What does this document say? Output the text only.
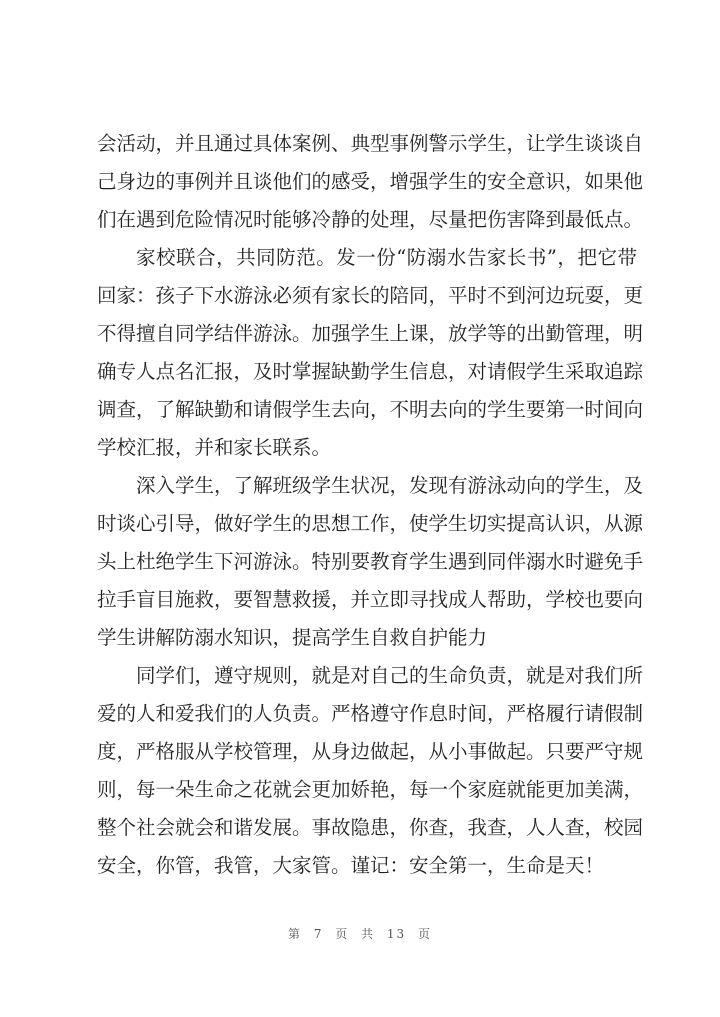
会活动，并且通过具体案例、典型事例警示学生，让学生谈谈自
己身边的事例并且谈他们的感受，增强学生的安全意识，如果他
们在遇到危险情况时能够冷静的处理，尽量把伤害降到最低点。
家校联合，共同防范。发一份“防溺水告家长书”，把它带
回家：孩子下水游泳必须有家长的陪同，平时不到河边玩耍，更
不得擅自同学结伴游泳。加强学生上课，放学等的出勤管理，明
确专人点名汇报，及时掌握缺勤学生信息，对请假学生采取追踪
调查，了解缺勤和请假学生去向，不明去向的学生要第一时间向
学校汇报，并和家长联系。
深入学生，了解班级学生状况，发现有游泳动向的学生，及
时谈心引导，做好学生的思想工作，使学生切实提高认识，从源
头上杜绝学生下河游泳。特别要教育学生遇到同伴溺水时避免手
拉手盲目施救，要智慧救援，并立即寻找成人帮助，学校也要向
学生讲解防溺水知识，提高学生自救自护能力
同学们，遵守规则，就是对自己的生命负责，就是对我们所
爱的人和爱我们的人负责。严格遵守作息时间，严格履行请假制
度，严格服从学校管理，从身边做起，从小事做起。只要严守规
则，每一朵生命之花就会更加娇艳，每一个家庭就能更加美满，
整个社会就会和谐发展。事故隐患，你查，我查，人人查，校园
安全，你管，我管，大家管。谨记：安全第一，生命是天！
第 7 页 共 13 页
